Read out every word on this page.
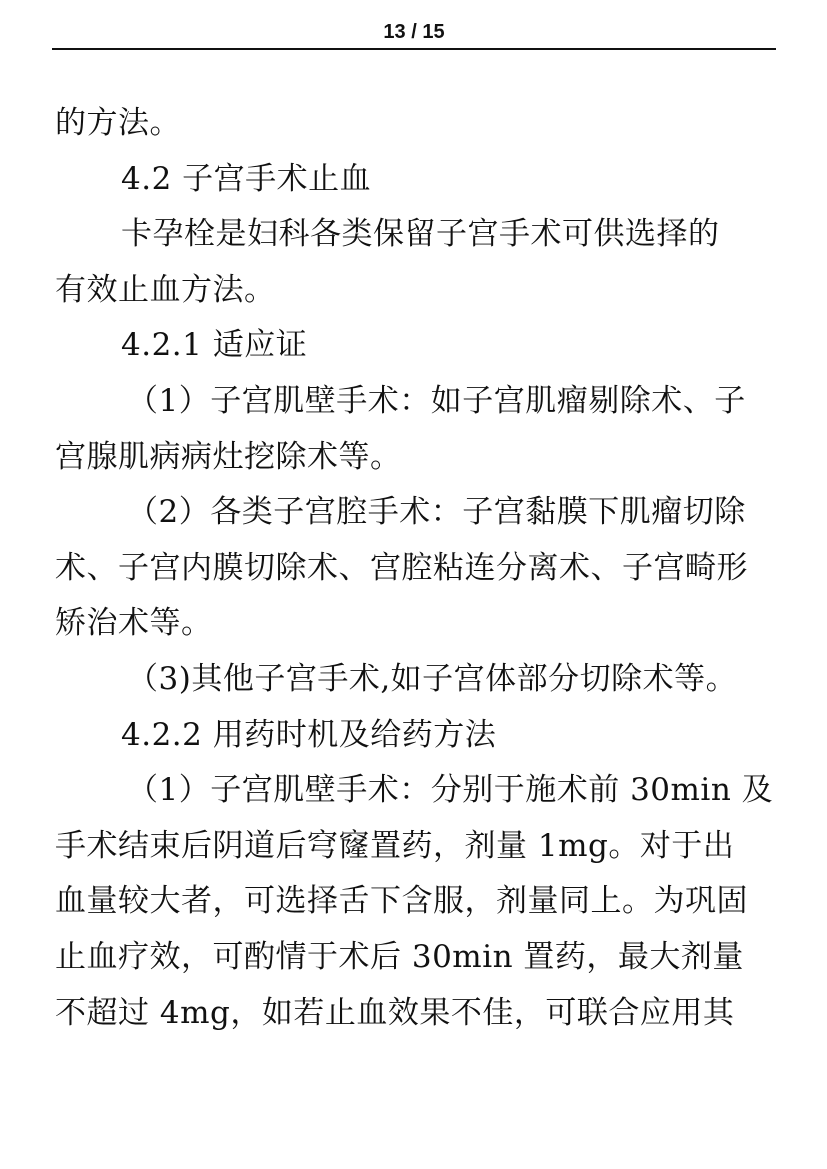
13 / 15
的方法。
4.2 子宫手术止血
卡孕栓是妇科各类保留子宫手术可供选择的
有效止血方法。
4.2.1 适应证
（1）子宫肌壁手术：如子宫肌瘤剔除术、子
宫腺肌病病灶挖除术等。
（2）各类子宫腔手术：子宫黏膜下肌瘤切除
术、子宫内膜切除术、宫腔粘连分离术、子宫畸形
矫治术等。
（3)其他子宫手术,如子宫体部分切除术等。
4.2.2 用药时机及给药方法
（1）子宫肌壁手术：分别于施术前 30min 及
手术结束后阴道后穹窿置药，剂量 1mg。对于出
血量较大者，可选择舌下含服，剂量同上。为巩固
止血疗效，可酌情于术后 30min 置药，最大剂量
不超过 4mg，如若止血效果不佳，可联合应用其
